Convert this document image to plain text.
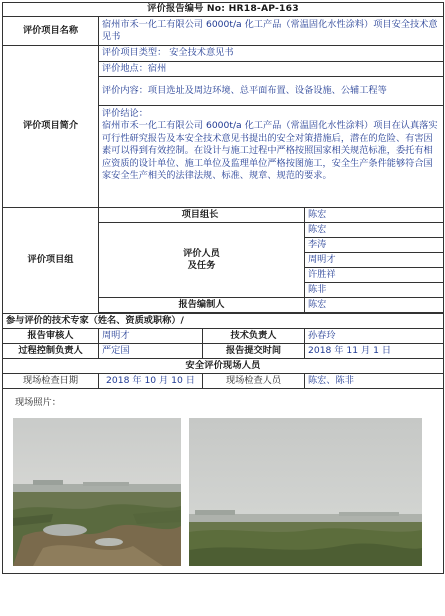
评价报告编号 No: HR18-AP-163			
评价项目名称	宿州市禾一化工有限公司 6000t/a 化工产品（常温固化水性涂料）项目安全技术意见书		
评价项目简介	评价项目类型： 安全技术意见书		
	评价地点：宿州		
	评价内容：项目选址及周边环境、总平面布置、设备设施、公辅工程等		

	评价结论：
宿州市禾一化工有限公司 6000t/a 化工产品（常温固化水性涂料）项目在认真落实可行性研究报告及本安全技术意见书提出的安全对策措施后，潜在的危险、有害因素可以得到有效控制。在设计与施工过程中严格按照国家相关规范标准，委托有相应资质的设计单位、施工单位及监理单位严格按图施工，安全生产条件能够符合国家安全生产相关的法律法规、标准、规章、规范的要求。		

评价项目组	项目组长		陈宏

	评价人员
及任务		陈宏
			李涛
			周明才
			许胜祥
			陈非
	报告编制人		陈宏

参与评价的技术专家（姓名、资质或职称）/			
报告审核人	周明才	技术负责人	孙春玲
过程控制负责人	严定国	报告提交时间	2018 年 11 月 1 日
安全评价现场人员			
现场检查日期	2018 年 10 月 10 日	现场检查人员	陈宏、陈非

现场照片：			
